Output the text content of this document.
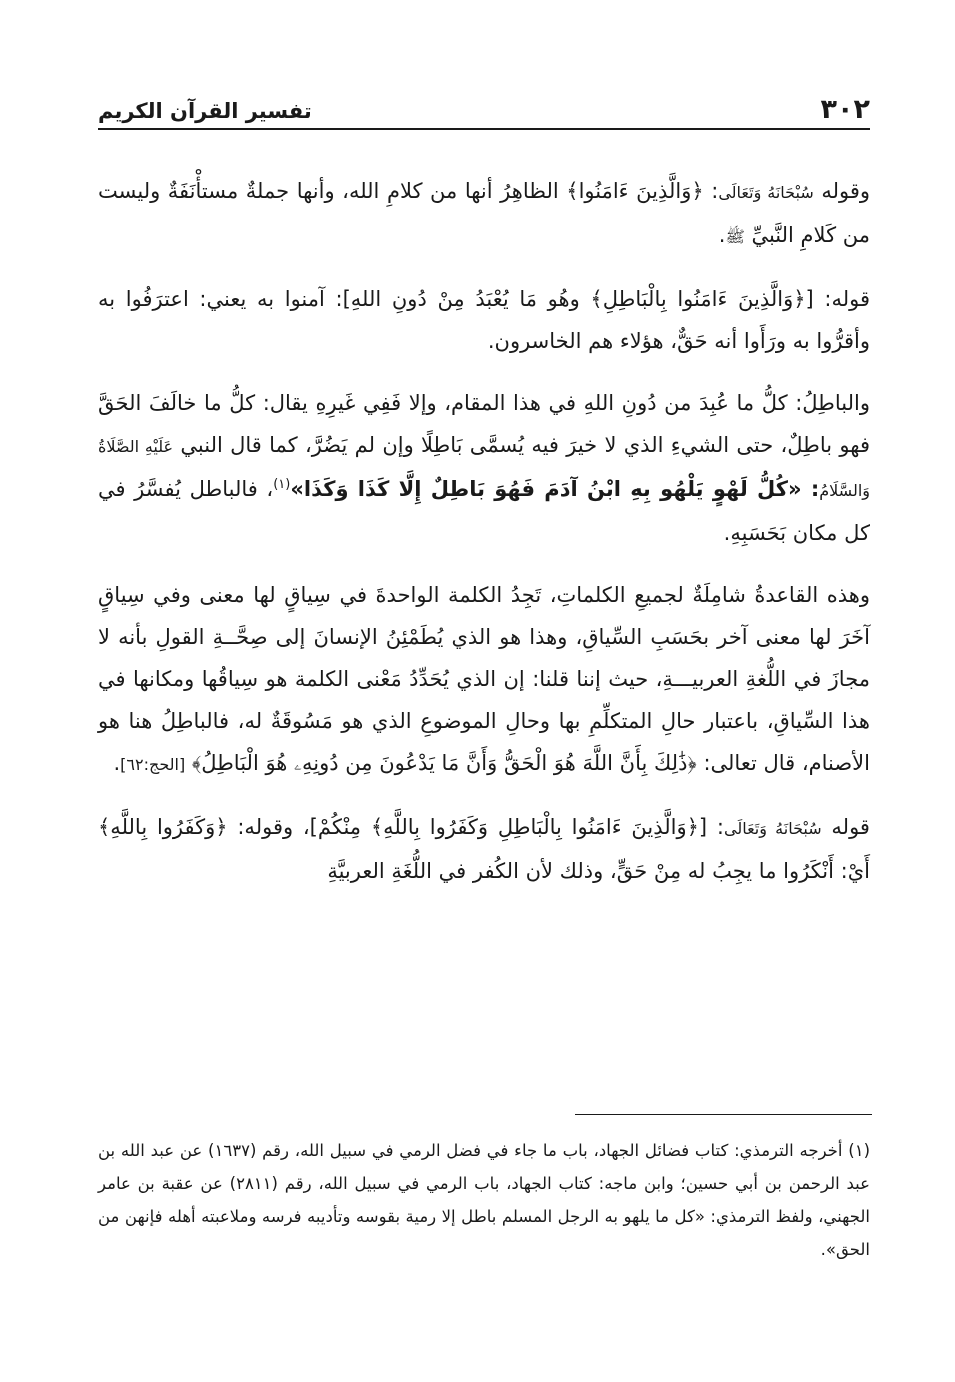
٣٠٢
تفسير القرآن الكريم

وقوله سُبْحَانَهُ وَتَعَالَى: ﴿وَالَّذِينَ ءَامَنُوا﴾ الظاهِرُ أنها من كلامِ الله، وأنها جملةٌ مستأْنَفَةٌ وليست من كَلامِ النَّبيِّ ﷺ.

قوله: [﴿وَالَّذِينَ ءَامَنُوا بِالْبَاطِلِ﴾ وهُو مَا يُعْبَدُ مِنْ دُونِ اللهِ]: آمنوا به يعني: اعترَفُوا به وأقرُّوا به ورَأَوا أنه حَقٌّ، هؤلاء هم الخاسرون.

والباطِلُ: كلُّ ما عُبِدَ من دُونِ اللهِ في هذا المقام، وإلا فَفِي غَيرِهِ يقال: كلُّ ما خالَفَ الحَقَّ فهو باطِلٌ، حتى الشيءِ الذي لا خيرَ فيه يُسمَّى بَاطِلًا وإن لم يَضُرَّ، كما قال النبي عَلَيْهِ الصَّلَاةُ وَالسَّلَامُ: «كُلُّ لَهْوٍ يَلْهُو بِهِ ابْنُ آدَمَ فَهُوَ بَاطِلٌ إِلَّا كَذَا وَكَذَا»$^{(١)}$، فالباطل يُفسَّرُ في كل مكان بَحَسَبِهِ.

وهذه القاعدةُ شامِلَةٌ لجميعِ الكلماتِ، تَجِدُ الكلمة الواحدةَ في سِياقٍ لها معنى وفي سِياقٍ آخَرَ لها معنى آخر بحَسَبِ السِّياقِ، وهذا هو الذي يُطَمْئِنُ الإنسانَ إلى صِحَّــةِ القولِ بأنه لا مجازَ في اللُّغةِ العربيـــةِ، حيث إننا قلنا: إن الذي يُحَدِّدُ مَعْنى الكلمة هو سِياقُها ومكانها في هذا السِّياقِ، باعتبار حالِ المتكلِّمِ بها وحالِ الموضوعِ الذي هو مَسُوقَةٌ له، فالباطِلُ هنا هو الأصنام، قال تعالى: ﴿ذَٰلِكَ بِأَنَّ اللَّهَ هُوَ الْحَقُّ وَأَنَّ مَا يَدْعُونَ مِن دُونِهِۦ هُوَ الْبَاطِلُ﴾ [الحج:٦٢].

قوله سُبْحَانَهُ وَتَعَالَى: [﴿وَالَّذِينَ ءَامَنُوا بِالْبَاطِلِ وَكَفَرُوا بِاللَّهِ﴾ مِنْكُمْ]، وقوله: ﴿وَكَفَرُوا بِاللَّهِ﴾ أَيْ: أَنْكَرُوا ما يجِبُ له مِنْ حَقٍّ، وذلك لأن الكُفر في اللُّغَةِ العربيَّةِ

(١) أخرجه الترمذي: كتاب فضائل الجهاد، باب ما جاء في فضل الرمي في سبيل الله، رقم (١٦٣٧) عن عبد الله بن عبد الرحمن بن أبي حسين؛ وابن ماجه: كتاب الجهاد، باب الرمي في سبيل الله، رقم (٢٨١١) عن عقبة بن عامر الجهني، ولفظ الترمذي: «كل ما يلهو به الرجل المسلم باطل إلا رمية بقوسه وتأديبه فرسه وملاعبته أهله فإنهن من الحق».
